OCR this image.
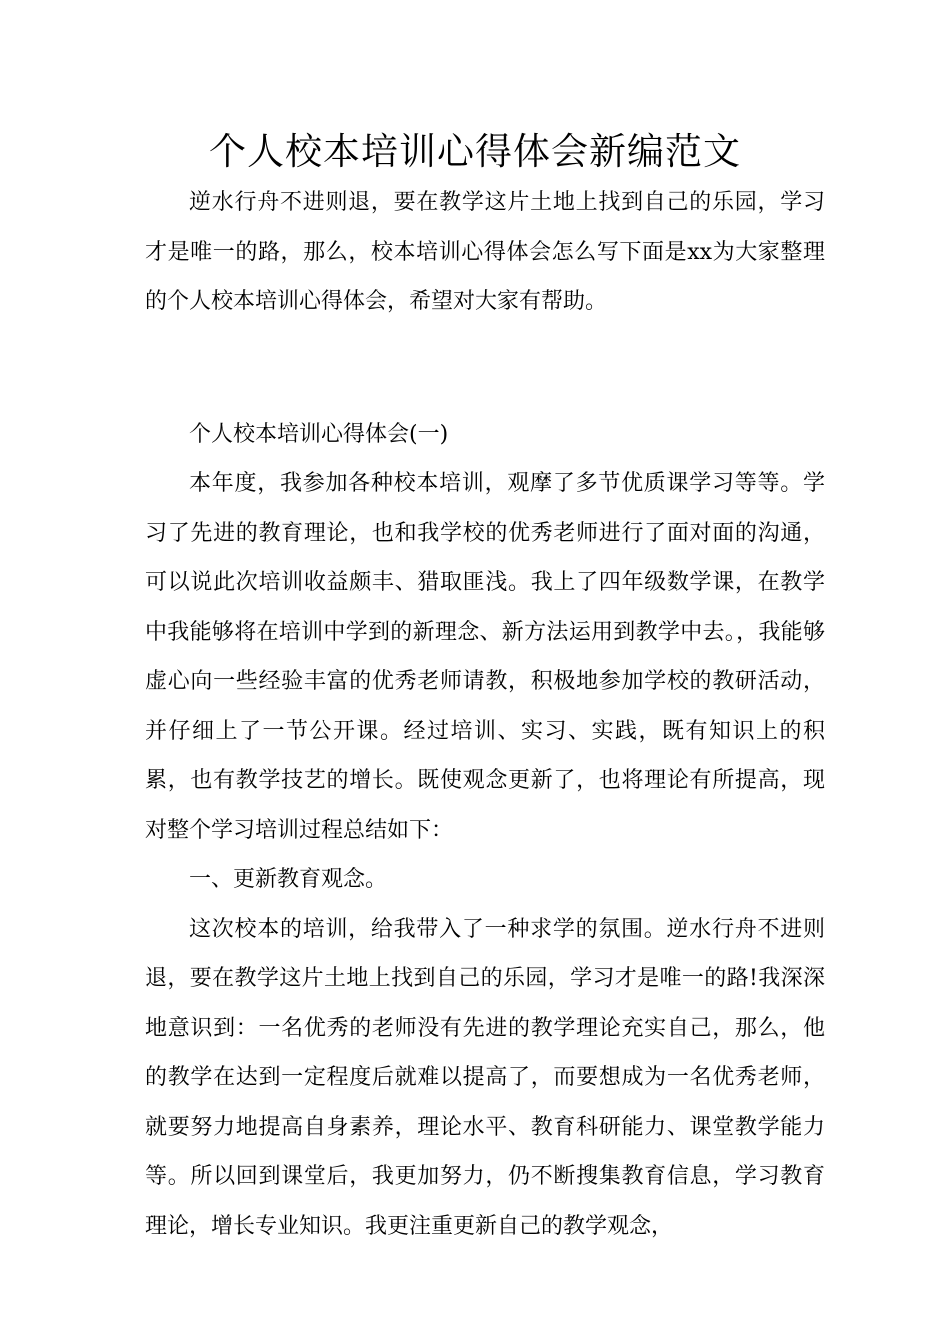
个人校本培训心得体会新编范文

逆水行舟不进则退，要在教学这片土地上找到自己的乐园，学习才是唯一的路，那么，校本培训心得体会怎么写下面是xx为大家整理的个人校本培训心得体会，希望对大家有帮助。

个人校本培训心得体会(一)

本年度，我参加各种校本培训，观摩了多节优质课学习等等。学习了先进的教育理论，也和我学校的优秀老师进行了面对面的沟通，可以说此次培训收益颇丰、猎取匪浅。我上了四年级数学课，在教学中我能够将在培训中学到的新理念、新方法运用到教学中去。，我能够虚心向一些经验丰富的优秀老师请教，积极地参加学校的教研活动，并仔细上了一节公开课。经过培训、实习、实践，既有知识上的积累，也有教学技艺的增长。既使观念更新了，也将理论有所提高，现对整个学习培训过程总结如下：

一、更新教育观念。

这次校本的培训，给我带入了一种求学的氛围。逆水行舟不进则退，要在教学这片土地上找到自己的乐园，学习才是唯一的路!我深深地意识到：一名优秀的老师没有先进的教学理论充实自己，那么，他的教学在达到一定程度后就难以提高了，而要想成为一名优秀老师，就要努力地提高自身素养，理论水平、教育科研能力、课堂教学能力等。所以回到课堂后，我更加努力，仍不断搜集教育信息，学习教育理论，增长专业知识。我更注重更新自己的教学观念，
